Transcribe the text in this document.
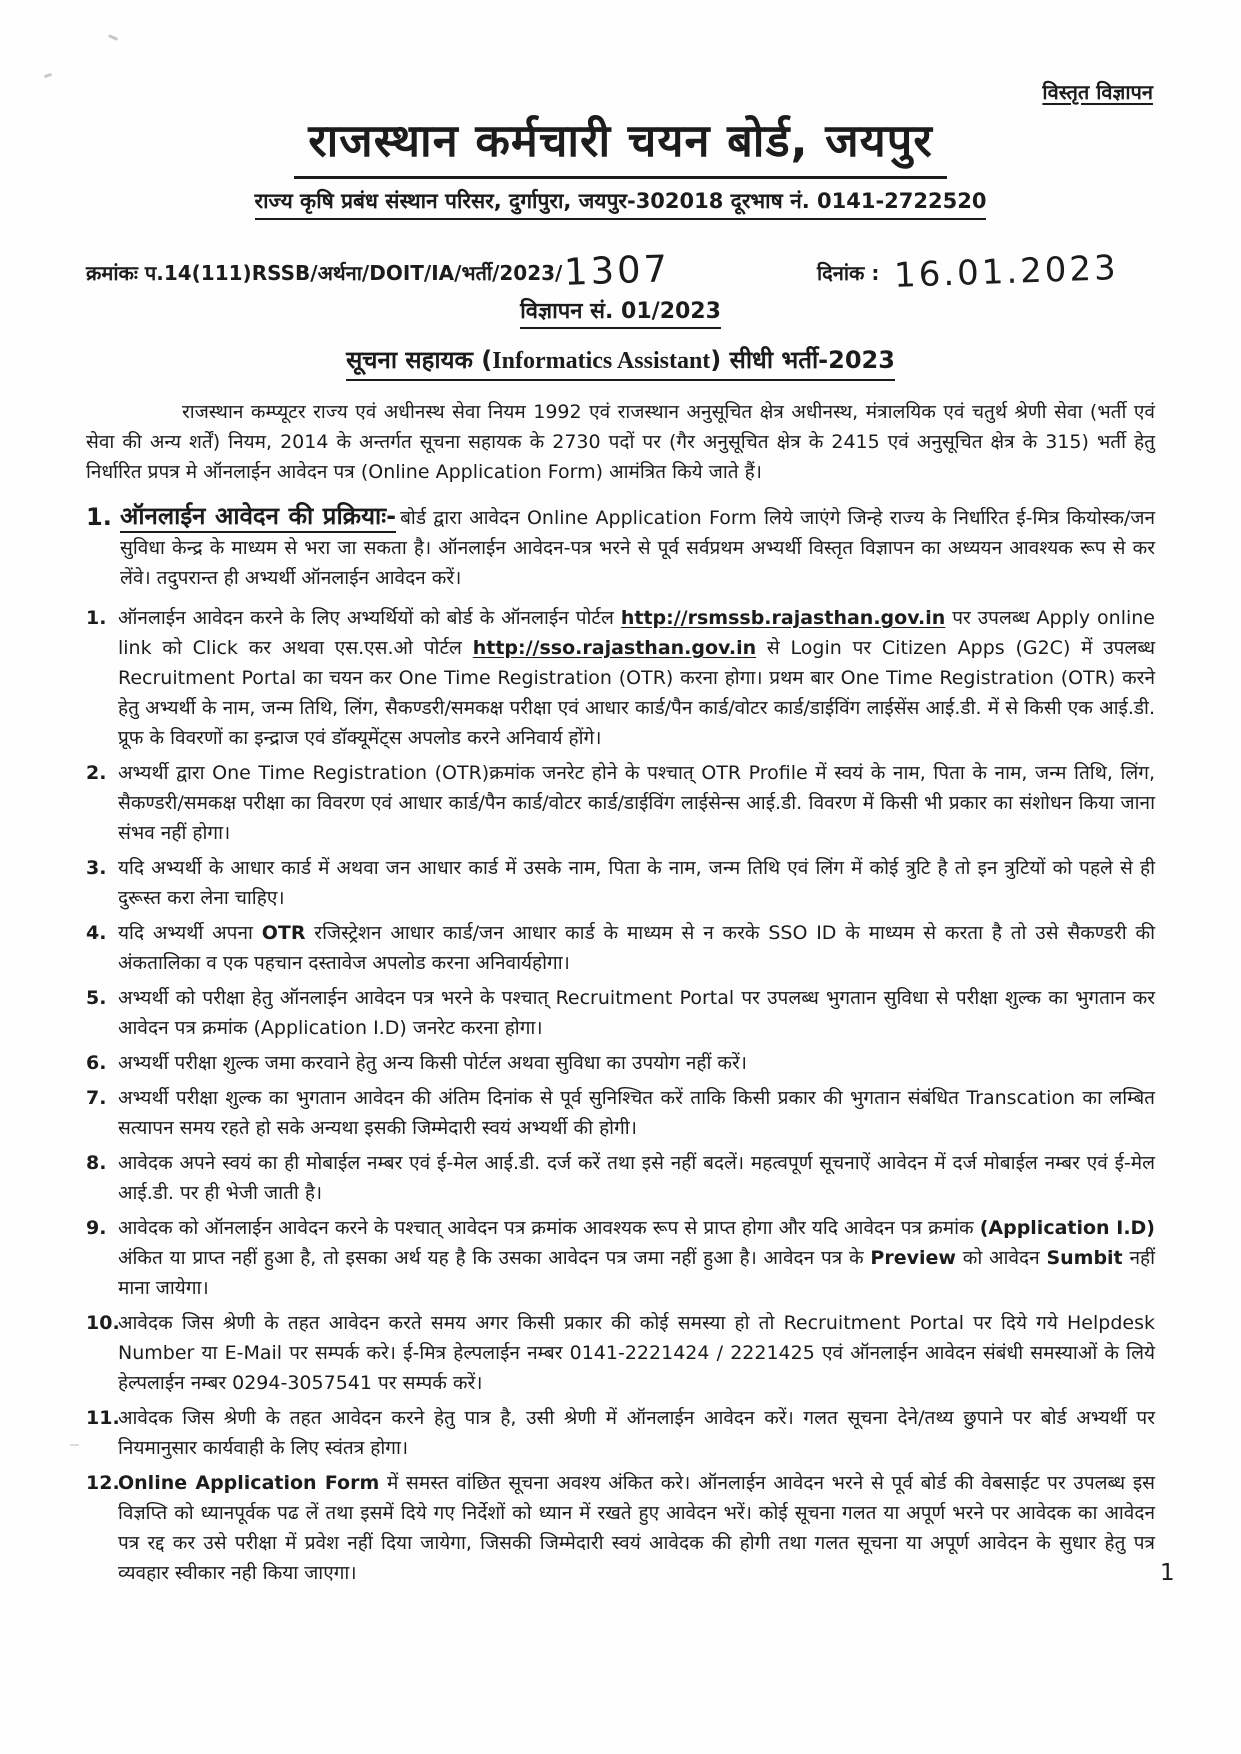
विस्तृत विज्ञापन
राजस्थान कर्मचारी चयन बोर्ड, जयपुर
राज्य कृषि प्रबंध संस्थान परिसर, दुर्गापुरा, जयपुर-302018 दूरभाष नं. 0141-2722520
क्रमांकः प.14(111)RSSB/अर्थना/DOIT/IA/भर्ती/2023/1307	दिनांक : 16.01.2023
विज्ञापन सं. 01/2023
सूचना सहायक (Informatics Assistant) सीधी भर्ती-2023

राजस्थान कम्प्यूटर राज्य एवं अधीनस्थ सेवा नियम 1992 एवं राजस्थान अनुसूचित क्षेत्र अधीनस्थ, मंत्रालयिक एवं चतुर्थ श्रेणी सेवा (भर्ती एवं सेवा की अन्य शर्तें) नियम, 2014 के अन्तर्गत सूचना सहायक के 2730 पदों पर (गैर अनुसूचित क्षेत्र के 2415 एवं अनुसूचित क्षेत्र के 315) भर्ती हेतु निर्धारित प्रपत्र मे ऑनलाईन आवेदन पत्र (Online Application Form) आमंत्रित किये जाते हैं।

1. ऑनलाईन आवेदन की प्रक्रियाः- बोर्ड द्वारा आवेदन Online Application Form लिये जाएंगे जिन्हे राज्य के निर्धारित ई-मित्र कियोस्क/जन सुविधा केन्द्र के माध्यम से भरा जा सकता है। ऑनलाईन आवेदन-पत्र भरने से पूर्व सर्वप्रथम अभ्यर्थी विस्तृत विज्ञापन का अध्ययन आवश्यक रूप से कर लेंवे। तदुपरान्त ही अभ्यर्थी ऑनलाईन आवेदन करें।
1. ऑनलाईन आवेदन करने के लिए अभ्यर्थियों को बोर्ड के ऑनलाईन पोर्टल http://rsmssb.rajasthan.gov.in पर उपलब्ध Apply online link को Click कर अथवा एस.एस.ओ पोर्टल http://sso.rajasthan.gov.in से Login पर Citizen Apps (G2C) में उपलब्ध Recruitment Portal का चयन कर One Time Registration (OTR) करना होगा। प्रथम बार One Time Registration (OTR) करने हेतु अभ्यर्थी के नाम, जन्म तिथि, लिंग, सैकण्डरी/समकक्ष परीक्षा एवं आधार कार्ड/पैन कार्ड/वोटर कार्ड/डाईविंग लाईसेंस आई.डी. में से किसी एक आई.डी. प्रूफ के विवरणों का इन्द्राज एवं डॉक्यूमेंट्स अपलोड करने अनिवार्य होंगे।
2. अभ्यर्थी द्वारा One Time Registration (OTR)क्रमांक जनरेट होने के पश्चात् OTR Profile में स्वयं के नाम, पिता के नाम, जन्म तिथि, लिंग, सैकण्डरी/समकक्ष परीक्षा का विवरण एवं आधार कार्ड/पैन कार्ड/वोटर कार्ड/डाईविंग लाईसेन्स आई.डी. विवरण में किसी भी प्रकार का संशोधन किया जाना संभव नहीं होगा।
3. यदि अभ्यर्थी के आधार कार्ड में अथवा जन आधार कार्ड में उसके नाम, पिता के नाम, जन्म तिथि एवं लिंग में कोई त्रुटि है तो इन त्रुटियों को पहले से ही दुरूस्त करा लेना चाहिए।
4. यदि अभ्यर्थी अपना OTR रजिस्ट्रेशन आधार कार्ड/जन आधार कार्ड के माध्यम से न करके SSO ID के माध्यम से करता है तो उसे सैकण्डरी की अंकतालिका व एक पहचान दस्तावेज अपलोड करना अनिवार्यहोगा।
5. अभ्यर्थी को परीक्षा हेतु ऑनलाईन आवेदन पत्र भरने के पश्चात् Recruitment Portal पर उपलब्ध भुगतान सुविधा से परीक्षा शुल्क का भुगतान कर आवेदन पत्र क्रमांक (Application I.D) जनरेट करना होगा।
6. अभ्यर्थी परीक्षा शुल्क जमा करवाने हेतु अन्य किसी पोर्टल अथवा सुविधा का उपयोग नहीं करें।
7. अभ्यर्थी परीक्षा शुल्क का भुगतान आवेदन की अंतिम दिनांक से पूर्व सुनिश्चित करें ताकि किसी प्रकार की भुगतान संबंधित Transcation का लम्बित सत्यापन समय रहते हो सके अन्यथा इसकी जिम्मेदारी स्वयं अभ्यर्थी की होगी।
8. आवेदक अपने स्वयं का ही मोबाईल नम्बर एवं ई-मेल आई.डी. दर्ज करें तथा इसे नहीं बदलें। महत्वपूर्ण सूचनाऐं आवेदन में दर्ज मोबाईल नम्बर एवं ई-मेल आई.डी. पर ही भेजी जाती है।
9. आवेदक को ऑनलाईन आवेदन करने के पश्चात् आवेदन पत्र क्रमांक आवश्यक रूप से प्राप्त होगा और यदि आवेदन पत्र क्रमांक (Application I.D) अंकित या प्राप्त नहीं हुआ है, तो इसका अर्थ यह है कि उसका आवेदन पत्र जमा नहीं हुआ है। आवेदन पत्र के Preview को आवेदन Sumbit नहीं माना जायेगा।
10.
आवेदक जिस श्रेणी के तहत आवेदन करते समय अगर किसी प्रकार की कोई समस्या हो तो Recruitment Portal पर दिये गये Helpdesk Number या E-Mail पर सम्पर्क करे। ई-मित्र हेल्पलाईन नम्बर 0141-2221424 / 2221425 एवं ऑनलाईन आवेदन संबंधी समस्याओं के लिये हेल्पलाईन नम्बर 0294-3057541 पर सम्पर्क करें।
11.
आवेदक जिस श्रेणी के तहत आवेदन करने हेतु पात्र है, उसी श्रेणी में ऑनलाईन आवेदन करें। गलत सूचना देने/तथ्य छुपाने पर बोर्ड अभ्यर्थी पर नियमानुसार कार्यवाही के लिए स्वंतत्र होगा।
12.
Online Application Form में समस्त वांछित सूचना अवश्य अंकित करे। ऑनलाईन आवेदन भरने से पूर्व बोर्ड की वेबसाईट पर उपलब्ध इस विज्ञप्ति को ध्यानपूर्वक पढ लें तथा इसमें दिये गए निर्देशों को ध्यान में रखते हुए आवेदन भरें। कोई सूचना गलत या अपूर्ण भरने पर आवेदक का आवेदन पत्र रद्द कर उसे परीक्षा में प्रवेश नहीं दिया जायेगा, जिसकी जिम्मेदारी स्वयं आवेदक की होगी तथा गलत सूचना या अपूर्ण आवेदन के सुधार हेतु पत्र व्यवहार स्वीकार नही किया जाएगा।	1
